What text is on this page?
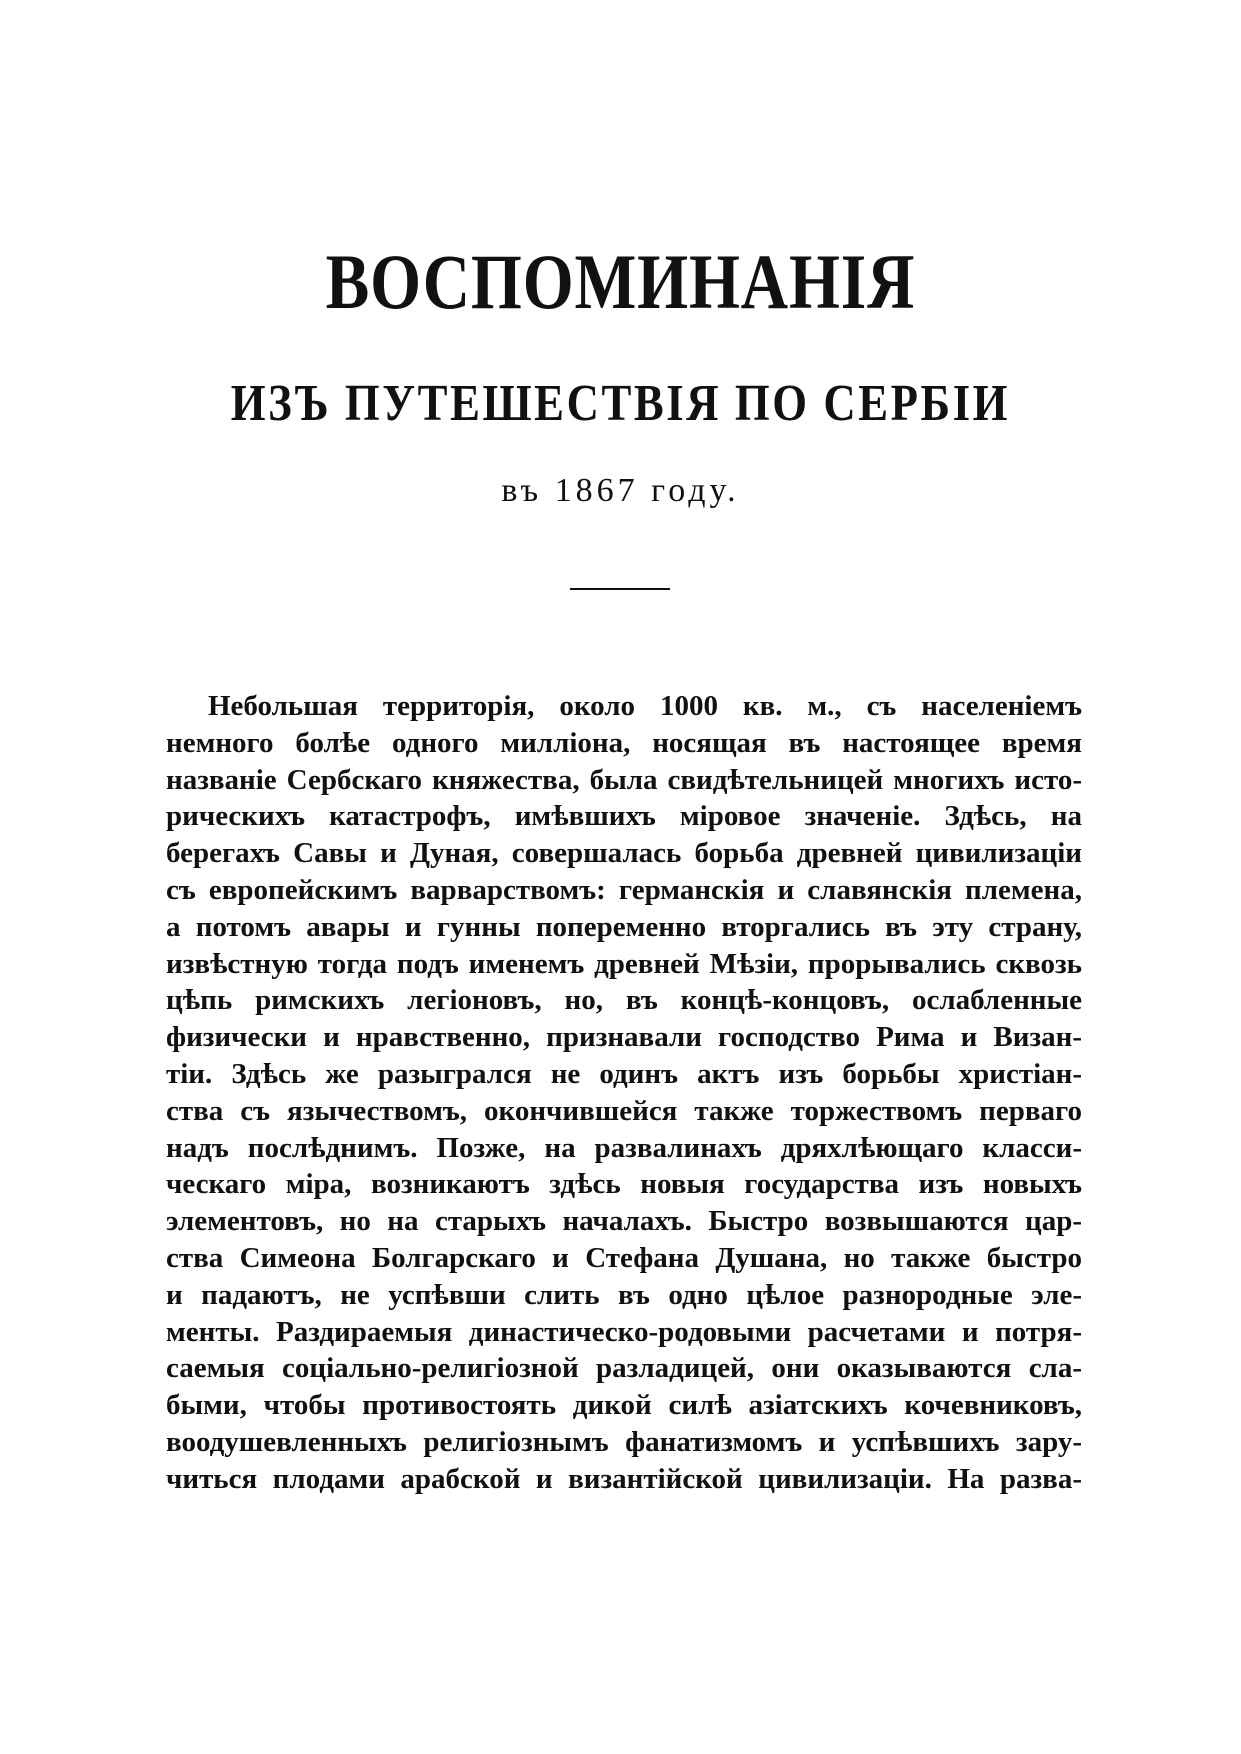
ВОСПОМИНАНІЯ
ИЗЪ ПУТЕШЕСТВІЯ ПО СЕРБІИ
въ 1867 году.
Небольшая территорія, около 1000 кв. м., съ населеніемъ
немного болѣе одного милліона, носящая въ настоящее время
названіе Сербскаго княжества, была свидѣтельницей многихъ исто-
рическихъ катастрофъ, имѣвшихъ міровое значеніе. Здѣсь, на
берегахъ Савы и Дуная, совершалась борьба древней цивилизаціи
съ европейскимъ варварствомъ: германскія и славянскія племена,
а потомъ авары и гунны попеременно вторгались въ эту страну,
извѣстную тогда подъ именемъ древней Мѣзіи, прорывались сквозь
цѣпь римскихъ легіоновъ, но, въ концѣ-концовъ, ослабленные
физически и нравственно, признавали господство Рима и Визан-
тіи. Здѣсь же разыгрался не одинъ актъ изъ борьбы христіан-
ства съ язычествомъ, окончившейся также торжествомъ перваго
надъ послѣднимъ. Позже, на развалинахъ дряхлѣющаго класси-
ческаго міра, возникаютъ здѣсь новыя государства изъ новыхъ
элементовъ, но на старыхъ началахъ. Быстро возвышаются цар-
ства Симеона Болгарскаго и Стефана Душана, но также быстро
и падаютъ, не успѣвши слить въ одно цѣлое разнородные эле-
менты. Раздираемыя династическо-родовыми расчетами и потря-
саемыя соціально-религіозной разладицей, они оказываются сла-
быми, чтобы противостоять дикой силѣ азіатскихъ кочевниковъ,
воодушевленныхъ религіознымъ фанатизмомъ и успѣвшихъ зару-
читься плодами арабской и византійской цивилизаціи. На развa-
